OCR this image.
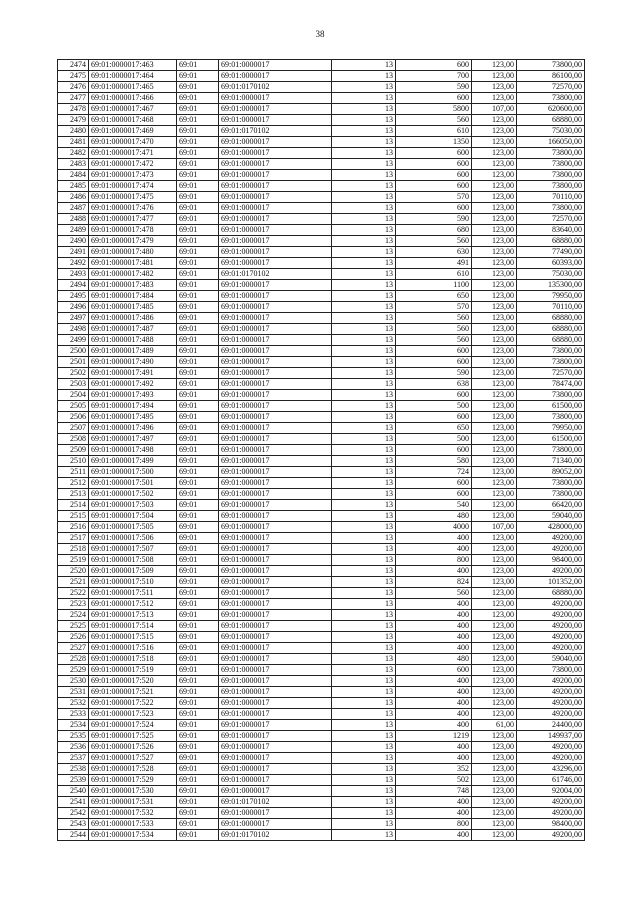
38
2474	69:01:0000017:463	69:01	69:01:0000017	13	600	123,00	73800,00
2475	69:01:0000017:464	69:01	69:01:0000017	13	700	123,00	86100,00
2476	69:01:0000017:465	69:01	69:01:0170102	13	590	123,00	72570,00
2477	69:01:0000017:466	69:01	69:01:0000017	13	600	123,00	73800,00
2478	69:01:0000017:467	69:01	69:01:0000017	13	5800	107,00	620600,00
2479	69:01:0000017:468	69:01	69:01:0000017	13	560	123,00	68880,00
2480	69:01:0000017:469	69:01	69:01:0170102	13	610	123,00	75030,00
2481	69:01:0000017:470	69:01	69:01:0000017	13	1350	123,00	166050,00
2482	69:01:0000017:471	69:01	69:01:0000017	13	600	123,00	73800,00
2483	69:01:0000017:472	69:01	69:01:0000017	13	600	123,00	73800,00
2484	69:01:0000017:473	69:01	69:01:0000017	13	600	123,00	73800,00
2485	69:01:0000017:474	69:01	69:01:0000017	13	600	123,00	73800,00
2486	69:01:0000017:475	69:01	69:01:0000017	13	570	123,00	70110,00
2487	69:01:0000017:476	69:01	69:01:0000017	13	600	123,00	73800,00
2488	69:01:0000017:477	69:01	69:01:0000017	13	590	123,00	72570,00
2489	69:01:0000017:478	69:01	69:01:0000017	13	680	123,00	83640,00
2490	69:01:0000017:479	69:01	69:01:0000017	13	560	123,00	68880,00
2491	69:01:0000017:480	69:01	69:01:0000017	13	630	123,00	77490,00
2492	69:01:0000017:481	69:01	69:01:0000017	13	491	123,00	60393,00
2493	69:01:0000017:482	69:01	69:01:0170102	13	610	123,00	75030,00
2494	69:01:0000017:483	69:01	69:01:0000017	13	1100	123,00	135300,00
2495	69:01:0000017:484	69:01	69:01:0000017	13	650	123,00	79950,00
2496	69:01:0000017:485	69:01	69:01:0000017	13	570	123,00	70110,00
2497	69:01:0000017:486	69:01	69:01:0000017	13	560	123,00	68880,00
2498	69:01:0000017:487	69:01	69:01:0000017	13	560	123,00	68880,00
2499	69:01:0000017:488	69:01	69:01:0000017	13	560	123,00	68880,00
2500	69:01:0000017:489	69:01	69:01:0000017	13	600	123,00	73800,00
2501	69:01:0000017:490	69:01	69:01:0000017	13	600	123,00	73800,00
2502	69:01:0000017:491	69:01	69:01:0000017	13	590	123,00	72570,00
2503	69:01:0000017:492	69:01	69:01:0000017	13	638	123,00	78474,00
2504	69:01:0000017:493	69:01	69:01:0000017	13	600	123,00	73800,00
2505	69:01:0000017:494	69:01	69:01:0000017	13	500	123,00	61500,00
2506	69:01:0000017:495	69:01	69:01:0000017	13	600	123,00	73800,00
2507	69:01:0000017:496	69:01	69:01:0000017	13	650	123,00	79950,00
2508	69:01:0000017:497	69:01	69:01:0000017	13	500	123,00	61500,00
2509	69:01:0000017:498	69:01	69:01:0000017	13	600	123,00	73800,00
2510	69:01:0000017:499	69:01	69:01:0000017	13	580	123,00	71340,00
2511	69:01:0000017:500	69:01	69:01:0000017	13	724	123,00	89052,00
2512	69:01:0000017:501	69:01	69:01:0000017	13	600	123,00	73800,00
2513	69:01:0000017:502	69:01	69:01:0000017	13	600	123,00	73800,00
2514	69:01:0000017:503	69:01	69:01:0000017	13	540	123,00	66420,00
2515	69:01:0000017:504	69:01	69:01:0000017	13	480	123,00	59040,00
2516	69:01:0000017:505	69:01	69:01:0000017	13	4000	107,00	428000,00
2517	69:01:0000017:506	69:01	69:01:0000017	13	400	123,00	49200,00
2518	69:01:0000017:507	69:01	69:01:0000017	13	400	123,00	49200,00
2519	69:01:0000017:508	69:01	69:01:0000017	13	800	123,00	98400,00
2520	69:01:0000017:509	69:01	69:01:0000017	13	400	123,00	49200,00
2521	69:01:0000017:510	69:01	69:01:0000017	13	824	123,00	101352,00
2522	69:01:0000017:511	69:01	69:01:0000017	13	560	123,00	68880,00
2523	69:01:0000017:512	69:01	69:01:0000017	13	400	123,00	49200,00
2524	69:01:0000017:513	69:01	69:01:0000017	13	400	123,00	49200,00
2525	69:01:0000017:514	69:01	69:01:0000017	13	400	123,00	49200,00
2526	69:01:0000017:515	69:01	69:01:0000017	13	400	123,00	49200,00
2527	69:01:0000017:516	69:01	69:01:0000017	13	400	123,00	49200,00
2528	69:01:0000017:518	69:01	69:01:0000017	13	480	123,00	59040,00
2529	69:01:0000017:519	69:01	69:01:0000017	13	600	123,00	73800,00
2530	69:01:0000017:520	69:01	69:01:0000017	13	400	123,00	49200,00
2531	69:01:0000017:521	69:01	69:01:0000017	13	400	123,00	49200,00
2532	69:01:0000017:522	69:01	69:01:0000017	13	400	123,00	49200,00
2533	69:01:0000017:523	69:01	69:01:0000017	13	400	123,00	49200,00
2534	69:01:0000017:524	69:01	69:01:0000017	13	400	61,00	24400,00
2535	69:01:0000017:525	69:01	69:01:0000017	13	1219	123,00	149937,00
2536	69:01:0000017:526	69:01	69:01:0000017	13	400	123,00	49200,00
2537	69:01:0000017:527	69:01	69:01:0000017	13	400	123,00	49200,00
2538	69:01:0000017:528	69:01	69:01:0000017	13	352	123,00	43296,00
2539	69:01:0000017:529	69:01	69:01:0000017	13	502	123,00	61746,00
2540	69:01:0000017:530	69:01	69:01:0000017	13	748	123,00	92004,00
2541	69:01:0000017:531	69:01	69:01:0170102	13	400	123,00	49200,00
2542	69:01:0000017:532	69:01	69:01:0000017	13	400	123,00	49200,00
2543	69:01:0000017:533	69:01	69:01:0000017	13	800	123,00	98400,00
2544	69:01:0000017:534	69:01	69:01:0170102	13	400	123,00	49200,00
